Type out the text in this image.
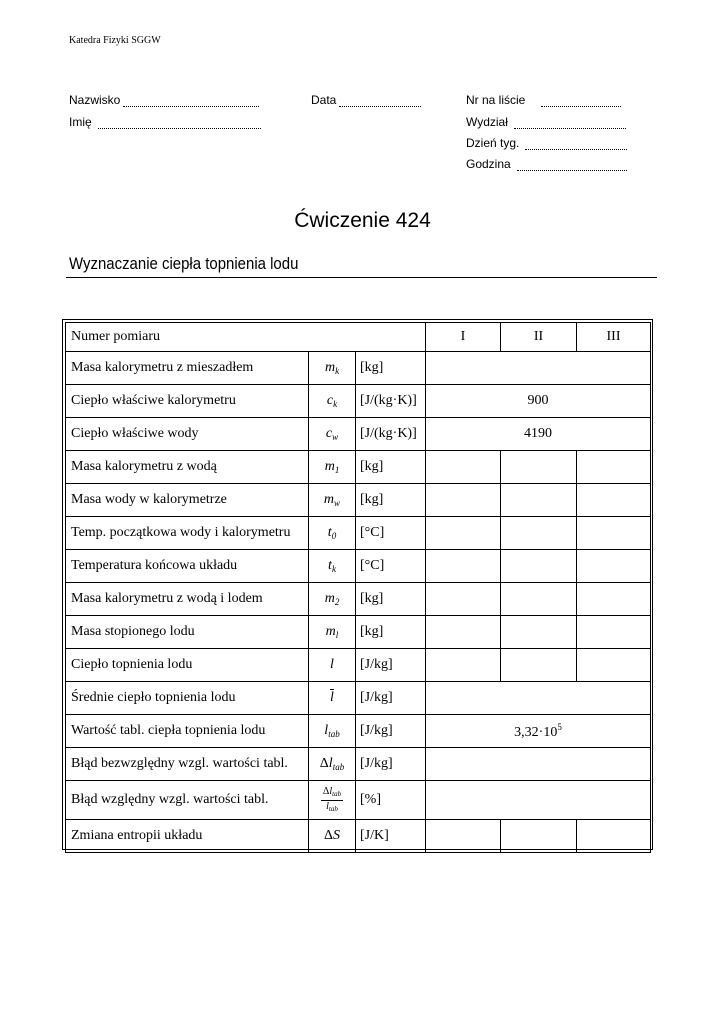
Katedra Fizyki SGGW
Nazwisko	Data	Nr na liście
Imię	Wydział
Dzień tyg.
Godzina
Ćwiczenie 424
Wyznaczanie ciepła topnienia lodu
Numer pomiaru			I	II	III
Masa kalorymetru z mieszadłem	$m_k$	[kg]			
Ciepło właściwe kalorymetru	$c_k$	[J/(kg·K)]	900		
Ciepło właściwe wody	$c_w$	[J/(kg·K)]	4190		
Masa kalorymetru z wodą	$m_1$	[kg]			
Masa wody w kalorymetrze	$m_w$	[kg]			
Temp. początkowa wody i kalorymetru	$t_0$	[°C]			
Temperatura końcowa układu	$t_k$	[°C]			
Masa kalorymetru z wodą i lodem	$m_2$	[kg]			
Masa stopionego lodu	$m_l$	[kg]			
Ciepło topnienia lodu	l	[J/kg]			
Średnie ciepło topnienia lodu	$\overline{l}$	[J/kg]			
Wartość tabl. ciepła topnienia lodu	$l_{tab}$	[J/kg]	$3,32\cdot 10^5$
Błąd bezwzględny wzgl. wartości tabl.	$\Delta l_{tab}$	[J/kg]			
Błąd względny wzgl. wartości tabl.	$\frac{\Delta l_{tab}}{l_{tab}}$	[%]			
Zmiana entropii układu	ΔS	[J/K]			
